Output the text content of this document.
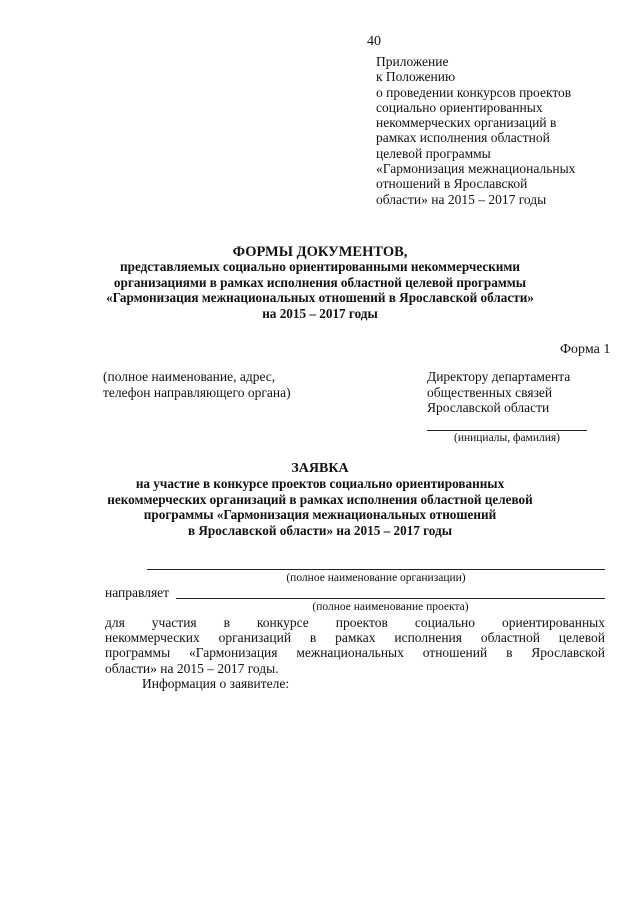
40
Приложение
к Положению
о проведении конкурсов проектов
социально ориентированных
некоммерческих организаций в
рамках исполнения областной
целевой программы
«Гармонизация межнациональных
отношений в Ярославской
области» на 2015 – 2017 годы
ФОРМЫ ДОКУМЕНТОВ,
представляемых социально ориентированными некоммерческими
организациями в рамках исполнения областной целевой программы
«Гармонизация межнациональных отношений в Ярославской области»
на 2015 – 2017 годы
Форма 1
(полное наименование, адрес,
телефон направляющего органа)
Директору департамента
общественных связей
Ярославской области
(инициалы, фамилия)
ЗАЯВКА
на участие в конкурсе проектов социально ориентированных
некоммерческих организаций в рамках исполнения областной целевой
программы «Гармонизация межнациональных отношений
в Ярославской области» на 2015 – 2017 годы
(полное наименование организации)
направляет
(полное наименование проекта)
для участия в конкурсе проектов социально ориентированных
некоммерческих организаций в рамках исполнения областной целевой
программы «Гармонизация межнациональных отношений в Ярославской
области» на 2015 – 2017 годы.
Информация о заявителе:
